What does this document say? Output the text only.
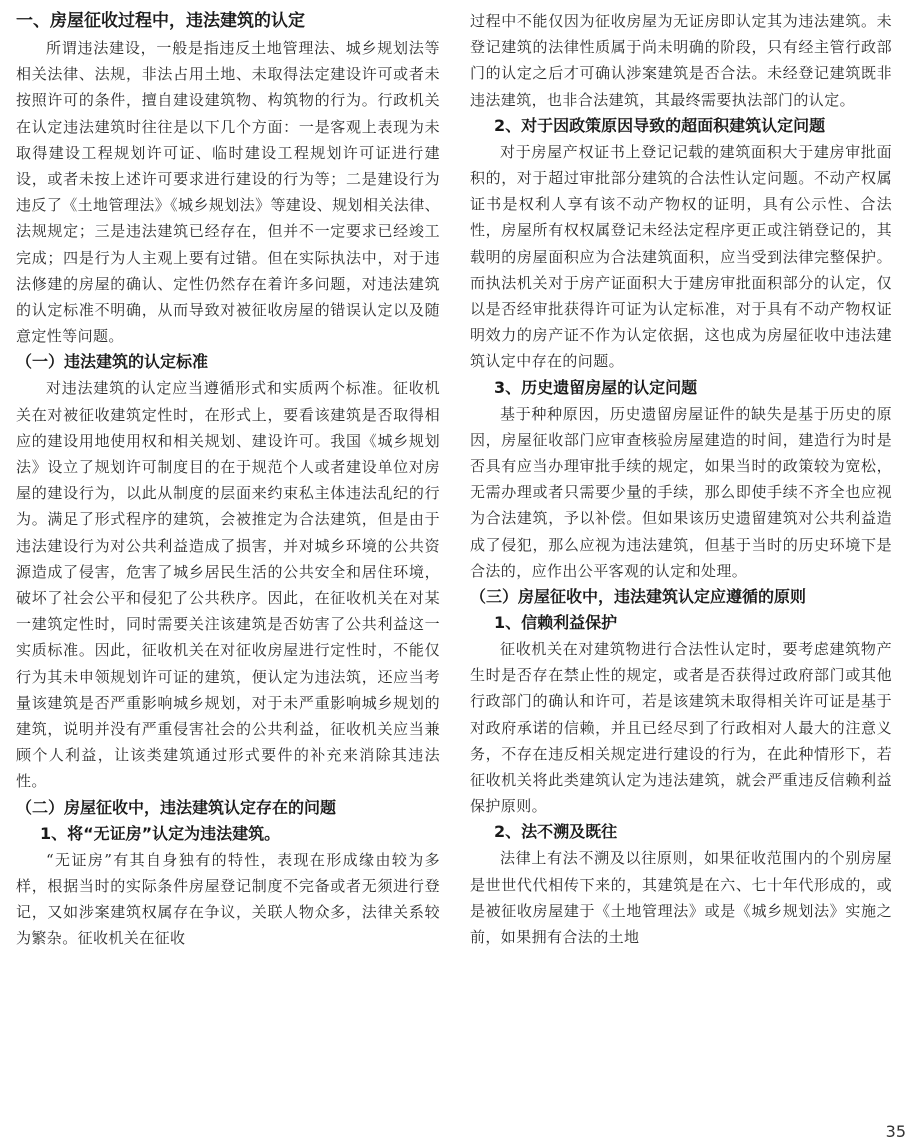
一、房屋征收过程中，违法建筑的认定

所谓违法建设，一般是指违反土地管理法、城乡规划法等相关法律、法规，非法占用土地、未取得法定建设许可或者未按照许可的条件，擅自建设建筑物、构筑物的行为。行政机关在认定违法建筑时往往是以下几个方面：一是客观上表现为未取得建设工程规划许可证、临时建设工程规划许可证进行建设，或者未按上述许可要求进行建设的行为等；二是建设行为违反了《土地管理法》《城乡规划法》等建设、规划相关法律、法规规定；三是违法建筑已经存在，但并不一定要求已经竣工完成；四是行为人主观上要有过错。但在实际执法中，对于违法修建的房屋的确认、定性仍然存在着许多问题，对违法建筑的认定标准不明确，从而导致对被征收房屋的错误认定以及随意定性等问题。

（一）违法建筑的认定标准

对违法建筑的认定应当遵循形式和实质两个标准。征收机关在对被征收建筑定性时，在形式上，要看该建筑是否取得相应的建设用地使用权和相关规划、建设许可。我国《城乡规划法》设立了规划许可制度目的在于规范个人或者建设单位对房屋的建设行为，以此从制度的层面来约束私主体违法乱纪的行为。满足了形式程序的建筑，会被推定为合法建筑，但是由于违法建设行为对公共利益造成了损害，并对城乡环境的公共资源造成了侵害，危害了城乡居民生活的公共安全和居住环境，破坏了社会公平和侵犯了公共秩序。因此，在征收机关在对某一建筑定性时，同时需要关注该建筑是否妨害了公共利益这一实质标准。因此，征收机关在对征收房屋进行定性时，不能仅行为其未申领规划许可证的建筑，便认定为违法筑，还应当考量该建筑是否严重影响城乡规划，对于未严重影响城乡规划的建筑，说明并没有严重侵害社会的公共利益，征收机关应当兼顾个人利益，让该类建筑通过形式要件的补充来消除其违法性。

（二）房屋征收中，违法建筑认定存在的问题
1、将“无证房”认定为违法建筑。

“无证房”有其自身独有的特性，表现在形成缘由较为多样，根据当时的实际条件房屋登记制度不完备或者无须进行登记，又如涉案建筑权属存在争议，关联人物众多，法律关系较为繁杂。征收机关在征收

过程中不能仅因为征收房屋为无证房即认定其为违法建筑。未登记建筑的法律性质属于尚未明确的阶段，只有经主管行政部门的认定之后才可确认涉案建筑是否合法。未经登记建筑既非违法建筑，也非合法建筑，其最终需要执法部门的认定。

2、对于因政策原因导致的超面积建筑认定问题

对于房屋产权证书上登记记载的建筑面积大于建房审批面积的，对于超过审批部分建筑的合法性认定问题。不动产权属证书是权利人享有该不动产物权的证明，具有公示性、合法性，房屋所有权权属登记未经法定程序更正或注销登记的，其载明的房屋面积应为合法建筑面积，应当受到法律完整保护。而执法机关对于房产证面积大于建房审批面积部分的认定，仅以是否经审批获得许可证为认定标准，对于具有不动产物权证明效力的房产证不作为认定依据，这也成为房屋征收中违法建筑认定中存在的问题。

3、历史遗留房屋的认定问题

基于种种原因，历史遗留房屋证件的缺失是基于历史的原因，房屋征收部门应审查核验房屋建造的时间，建造行为时是否具有应当办理审批手续的规定，如果当时的政策较为宽松，无需办理或者只需要少量的手续，那么即使手续不齐全也应视为合法建筑，予以补偿。但如果该历史遗留建筑对公共利益造成了侵犯，那么应视为违法建筑，但基于当时的历史环境下是合法的，应作出公平客观的认定和处理。

（三）房屋征收中，违法建筑认定应遵循的原则
1、信赖利益保护

征收机关在对建筑物进行合法性认定时，要考虑建筑物产生时是否存在禁止性的规定，或者是否获得过政府部门或其他行政部门的确认和许可，若是该建筑未取得相关许可证是基于对政府承诺的信赖，并且已经尽到了行政相对人最大的注意义务，不存在违反相关规定进行建设的行为，在此种情形下，若征收机关将此类建筑认定为违法建筑，就会严重违反信赖利益保护原则。

2、法不溯及既往

法律上有法不溯及以往原则，如果征收范围内的个别房屋是世世代代相传下来的，其建筑是在六、七十年代形成的，或是被征收房屋建于《土地管理法》或是《城乡规划法》实施之前，如果拥有合法的土地

35
